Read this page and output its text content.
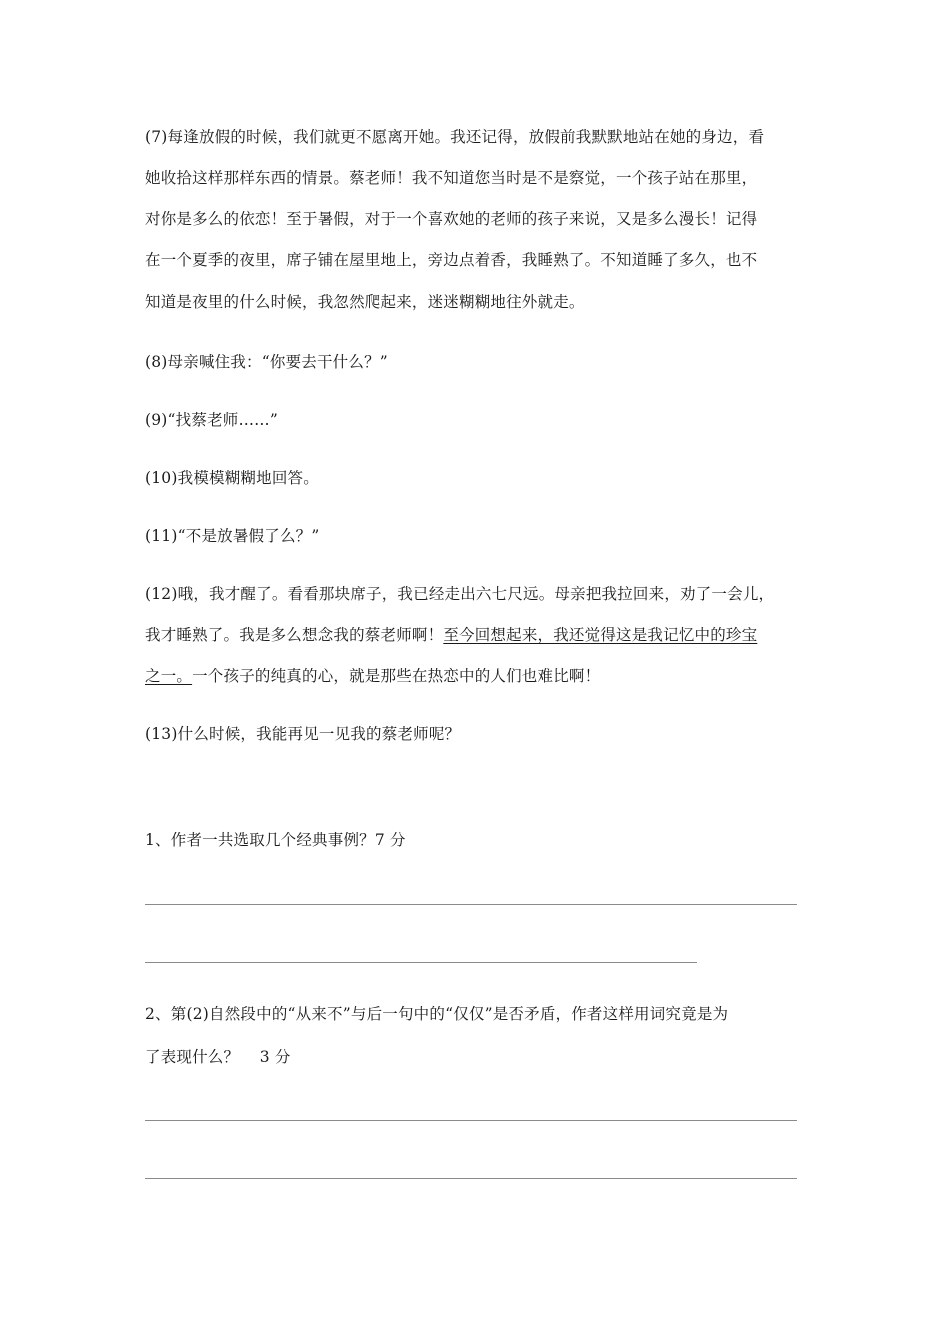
(7)每逢放假的时候，我们就更不愿离开她。我还记得，放假前我默默地站在她的身边，看
她收拾这样那样东西的情景。蔡老师！我不知道您当时是不是察觉，一个孩子站在那里，
对你是多么的依恋！至于暑假，对于一个喜欢她的老师的孩子来说，又是多么漫长！记得
在一个夏季的夜里，席子铺在屋里地上，旁边点着香，我睡熟了。不知道睡了多久，也不
知道是夜里的什么时候，我忽然爬起来，迷迷糊糊地往外就走。
(8)母亲喊住我：“你要去干什么？”
(9)“找蔡老师……”
(10)我模模糊糊地回答。
(11)“不是放暑假了么？”
(12)哦，我才醒了。看看那块席子，我已经走出六七尺远。母亲把我拉回来，劝了一会儿，
我才睡熟了。我是多么想念我的蔡老师啊！至今回想起来，我还觉得这是我记忆中的珍宝
之一。一个孩子的纯真的心，就是那些在热恋中的人们也难比啊！
(13)什么时候，我能再见一见我的蔡老师呢？
1、作者一共选取几个经典事例？7 分
2、第(2)自然段中的“从来不”与后一句中的“仅仅”是否矛盾，作者这样用词究竟是为
了表现什么？    3 分
